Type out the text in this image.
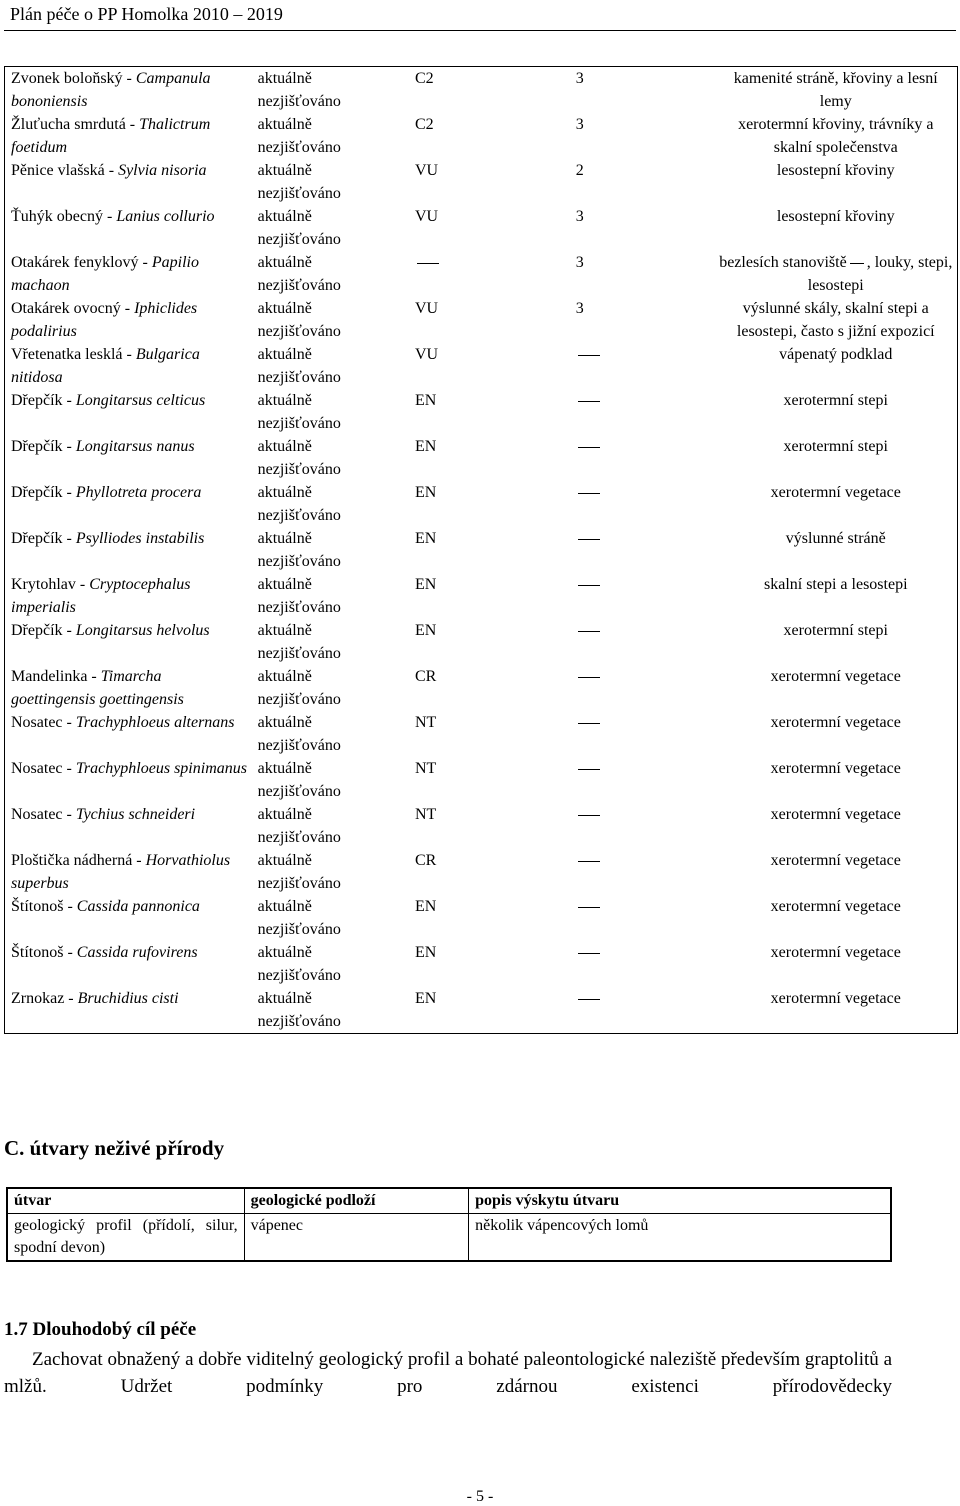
Plán péče o PP Homolka 2010 – 2019
Zvonek boloňský - Campanula bononiensis	aktuálně
nezjišťováno	C2	3	kamenité stráně, křoviny a lesní lemy
Žluťucha smrdutá - Thalictrum foetidum	aktuálně
nezjišťováno	C2	3	xerotermní křoviny, trávníky a skalní společenstva
Pěnice vlašská - Sylvia nisoria	aktuálně
nezjišťováno	VU	2	lesostepní křoviny
Ťuhýk obecný - Lanius collurio	aktuálně
nezjišťováno	VU	3	lesostepní křoviny
Otakárek fenyklový - Papilio machaon	aktuálně
nezjišťováno		3	bezlesích stanoviště , louky, stepi, lesostepi
Otakárek ovocný - Iphiclides podalirius	aktuálně
nezjišťováno	VU	3	výslunné skály, skalní stepi a lesostepi, často s jižní expozicí
Vřetenatka lesklá - Bulgarica nitidosa	aktuálně
nezjišťováno	VU		vápenatý podklad
Dřepčík - Longitarsus celticus	aktuálně
nezjišťováno	EN		xerotermní stepi
Dřepčík - Longitarsus nanus	aktuálně
nezjišťováno	EN		xerotermní stepi
Dřepčík - Phyllotreta procera	aktuálně
nezjišťováno	EN		xerotermní vegetace
Dřepčík - Psylliodes instabilis	aktuálně
nezjišťováno	EN		výslunné stráně
Krytohlav - Cryptocephalus imperialis	aktuálně
nezjišťováno	EN		skalní stepi a lesostepi
Dřepčík - Longitarsus helvolus	aktuálně
nezjišťováno	EN		xerotermní stepi
Mandelinka - Timarcha goettingensis goettingensis	aktuálně
nezjišťováno	CR		xerotermní vegetace
Nosatec - Trachyphloeus alternans	aktuálně
nezjišťováno	NT		xerotermní vegetace
Nosatec - Trachyphloeus spinimanus	aktuálně
nezjišťováno	NT		xerotermní vegetace
Nosatec - Tychius schneideri	aktuálně
nezjišťováno	NT		xerotermní vegetace
Ploštička nádherná - Horvathiolus superbus	aktuálně
nezjišťováno	CR		xerotermní vegetace
Štítonoš - Cassida pannonica	aktuálně
nezjišťováno	EN		xerotermní vegetace
Štítonoš - Cassida rufovirens	aktuálně
nezjišťováno	EN		xerotermní vegetace
Zrnokaz - Bruchidius cisti	aktuálně
nezjišťováno	EN		xerotermní vegetace
C. útvary neživé přírody
útvar	geologické podloží	popis výskytu útvaru
geologický profil (přídolí, silur, spodní devon)	vápenec	několik vápencových lomů
1.7 Dlouhodobý cíl péče
Zachovat obnažený a dobře viditelný geologický profil a bohaté paleontologické naleziště především graptolitů a mlžů. Udržet podmínky pro zdárnou existenci přírodovědecky
- 5 -
